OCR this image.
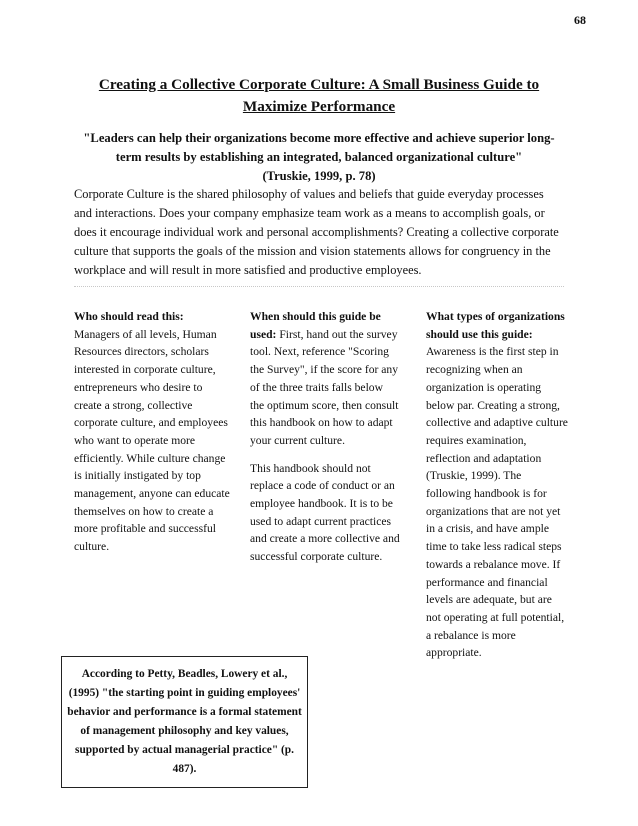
68
Creating a Collective Corporate Culture: A Small Business Guide to Maximize Performance
"Leaders can help their organizations become more effective and achieve superior long-term results by establishing an integrated, balanced organizational culture"
(Truskie, 1999, p. 78)
Corporate Culture is the shared philosophy of values and beliefs that guide everyday processes and interactions. Does your company emphasize team work as a means to accomplish goals, or does it encourage individual work and personal accomplishments? Creating a collective corporate culture that supports the goals of the mission and vision statements allows for congruency in the workplace and will result in more satisfied and productive employees.

Who should read this:
Managers of all levels, Human Resources directors, scholars interested in corporate culture, entrepreneurs who desire to create a strong, collective corporate culture, and employees who want to operate more efficiently. While culture change is initially instigated by top management, anyone can educate themselves on how to create a more profitable and successful culture.

When should this guide be used: First, hand out the survey tool. Next, reference "Scoring the Survey", if the score for any of the three traits falls below the optimum score, then consult this handbook on how to adapt your current culture.

This handbook should not replace a code of conduct or an employee handbook. It is to be used to adapt current practices and create a more collective and successful corporate culture.

What types of organizations should use this guide: Awareness is the first step in recognizing when an organization is operating below par. Creating a strong, collective and adaptive culture requires examination, reflection and adaptation (Truskie, 1999). The following handbook is for organizations that are not yet in a crisis, and have ample time to take less radical steps towards a rebalance move. If performance and financial levels are adequate, but are not operating at full potential, a rebalance is more appropriate.

According to Petty, Beadles, Lowery et al., (1995) "the starting point in guiding employees' behavior and performance is a formal statement of management philosophy and key values, supported by actual managerial practice" (p. 487).
